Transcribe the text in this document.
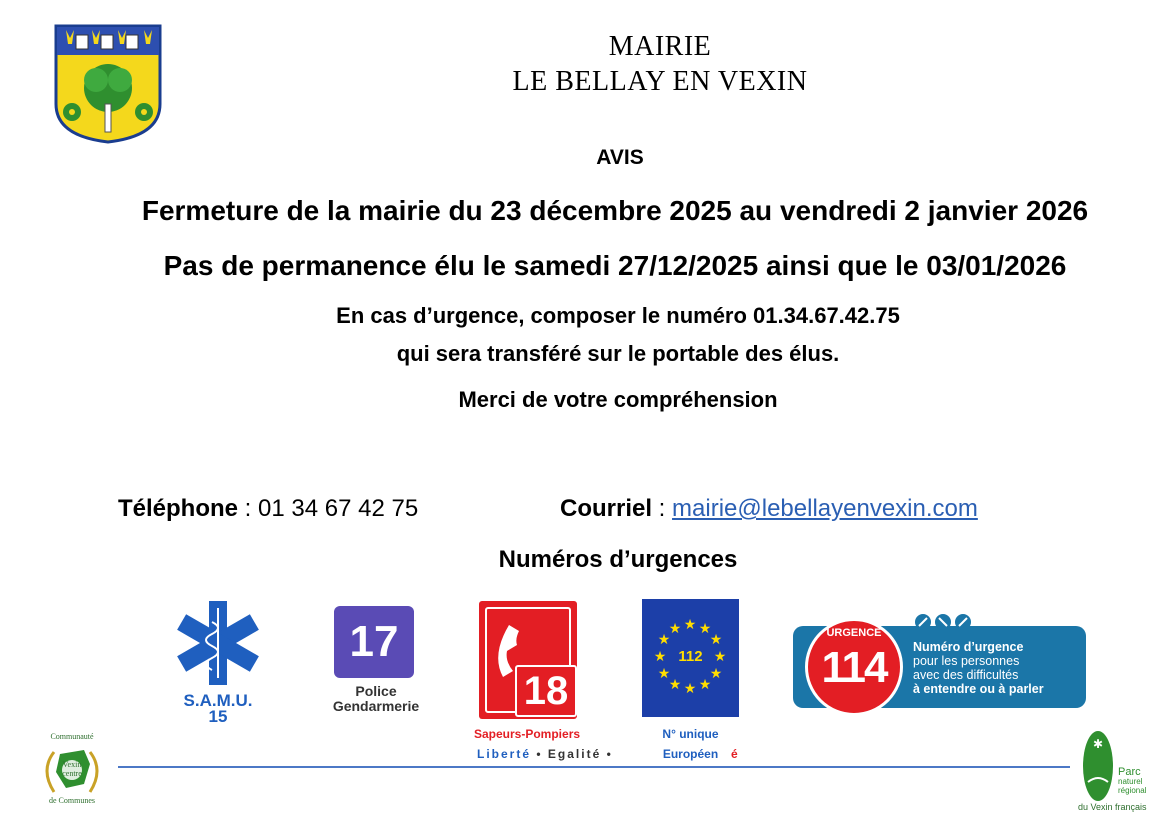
MAIRIE
LE BELLAY EN VEXIN
AVIS
Fermeture de la mairie du 23 décembre 2025 au vendredi 2 janvier 2026
Pas de permanence élu le samedi 27/12/2025 ainsi que le 03/01/2026
En cas d’urgence, composer le numéro 01.34.67.42.75
qui sera transféré sur le portable des élus.
Merci de votre compréhension
Téléphone : 01 34 67 42 75	Courriel : mairie@lebellayenvexin.com
Numéros d’urgences
S.A.M.U.
15
17
Police
Gendarmerie	18
Sapeurs-Pompiers
★ ★
★
★
★
★
★
★
★
★
★
★
112
N° unique
Européen
Liberté • Egalité •	é
URGENCE
114	Numéro d’urgence
pour les personnes
avec des difficultés
à entendre ou à parler
Communauté
Vexin
centre
de Communes
✱
Parc
naturel
régional
du Vexin français
